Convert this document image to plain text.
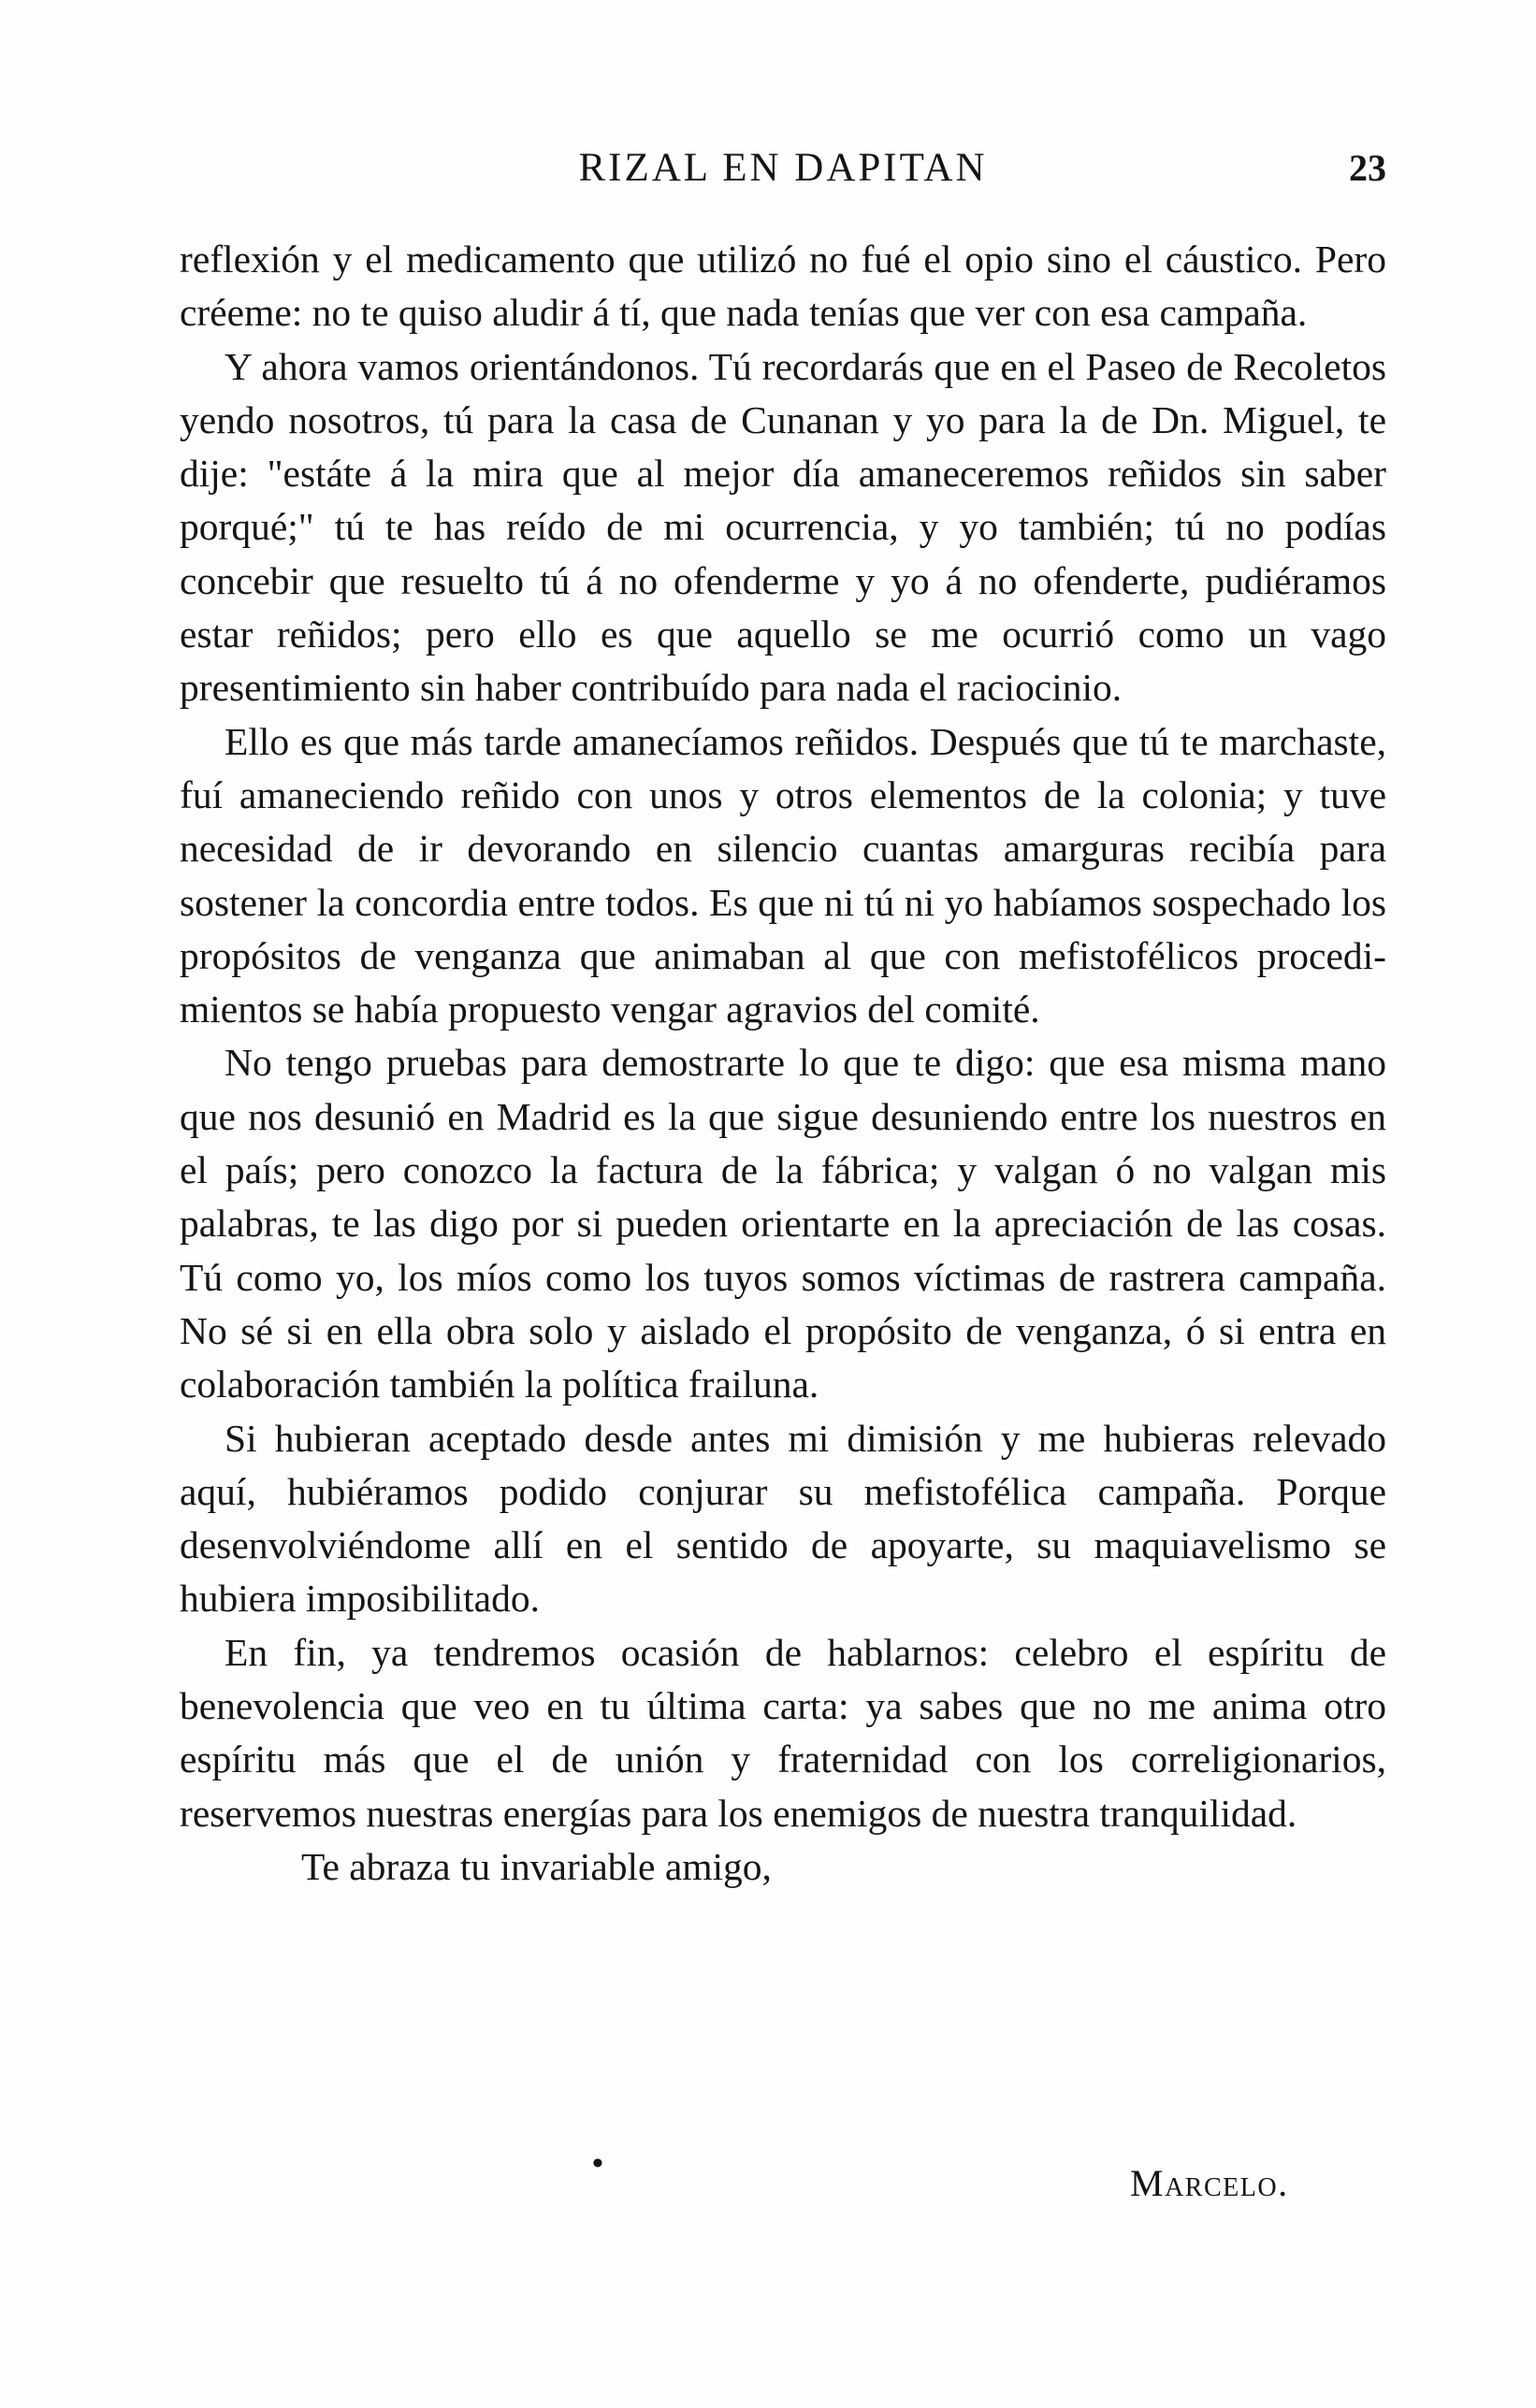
RIZAL EN DAPITAN	23

reflexión y el medicamento que utilizó no fué el opio sino el cáustico. Pero créeme: no te quiso aludir á tí, que nada tenías que ver con esa campaña.

Y ahora vamos orientándonos. Tú recordarás que en el Paseo de Recoletos yendo nosotros, tú para la casa de Cunanan y yo para la de Dn. Miguel, te dije: "estáte á la mira que al mejor día amaneceremos reñidos sin saber porqué;" tú te has reído de mi ocurrencia, y yo también; tú no podías concebir que resuelto tú á no ofenderme y yo á no ofenderte, pudiéramos estar reñidos; pero ello es que aquello se me ocurrió como un vago presentimiento sin haber contribuído para nada el raciocinio.

Ello es que más tarde amanecíamos reñidos. Después que tú te marchaste, fuí amaneciendo reñido con unos y otros elementos de la colonia; y tuve necesidad de ir devorando en silencio cuantas amarguras recibía para sostener la concordia entre todos. Es que ni tú ni yo habíamos sospechado los propósitos de venganza que animaban al que con mefistofélicos procedimientos se había propuesto vengar agravios del comité.

No tengo pruebas para demostrarte lo que te digo: que esa misma mano que nos desunió en Madrid es la que sigue desuniendo entre los nuestros en el país; pero conozco la factura de la fábrica; y valgan ó no valgan mis palabras, te las digo por si pueden orientarte en la apreciación de las cosas. Tú como yo, los míos como los tuyos somos víctimas de rastrera campaña. No sé si en ella obra solo y aislado el propósito de venganza, ó si entra en colaboración también la política frailuna.

Si hubieran aceptado desde antes mi dimisión y me hubieras relevado aquí, hubiéramos podido conjurar su mefistofélica campaña. Porque desenvolviéndome allí en el sentido de apoyarte, su maquiavelismo se hubiera imposibilitado.

En fin, ya tendremos ocasión de hablarnos: celebro el espíritu de benevolencia que veo en tu última carta: ya sabes que no me anima otro espíritu más que el de unión y fraternidad con los correligionarios, reservemos nuestras energías para los enemigos de nuestra tranquilidad.

Te abraza tu invariable amigo,

•	Marcelo.
